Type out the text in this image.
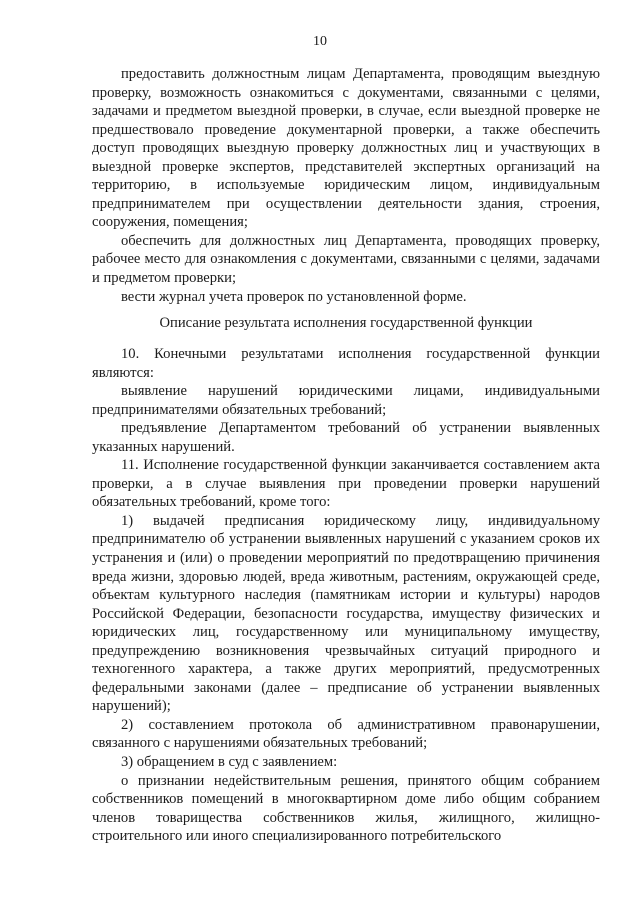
10

предоставить должностным лицам Департамента, проводящим выездную проверку, возможность ознакомиться с документами, связанными с целями, задачами и предметом выездной проверки, в случае, если выездной проверке не предшествовало проведение документарной проверки, а также обеспечить доступ проводящих выездную проверку должностных лиц и участвующих в выездной проверке экспертов, представителей экспертных организаций на территорию, в используемые юридическим лицом, индивидуальным предпринимателем при осуществлении деятельности здания, строения, сооружения, помещения;

обеспечить для должностных лиц Департамента, проводящих проверку, рабочее место для ознакомления с документами, связанными с целями, задачами и предметом проверки;

вести журнал учета проверок по установленной форме.

Описание результата исполнения государственной функции

10. Конечными результатами исполнения государственной функции являются:

выявление нарушений юридическими лицами, индивидуальными предпринимателями обязательных требований;

предъявление Департаментом требований об устранении выявленных указанных нарушений.

11. Исполнение государственной функции заканчивается составлением акта проверки, а в случае выявления при проведении проверки нарушений обязательных требований, кроме того:

1) выдачей предписания юридическому лицу, индивидуальному предпринимателю об устранении выявленных нарушений с указанием сроков их устранения и (или) о проведении мероприятий по предотвращению причинения вреда жизни, здоровью людей, вреда животным, растениям, окружающей среде, объектам культурного наследия (памятникам истории и культуры) народов Российской Федерации, безопасности государства, имуществу физических и юридических лиц, государственному или муниципальному имуществу, предупреждению возникновения чрезвычайных ситуаций природного и техногенного характера, а также других мероприятий, предусмотренных федеральными законами (далее – предписание об устранении выявленных нарушений);

2) составлением протокола об административном правонарушении, связанного с нарушениями обязательных требований;

3) обращением в суд с заявлением:

о признании недействительным решения, принятого общим собранием собственников помещений в многоквартирном доме либо общим собранием членов товарищества собственников жилья, жилищного, жилищно-строительного или иного специализированного потребительского
